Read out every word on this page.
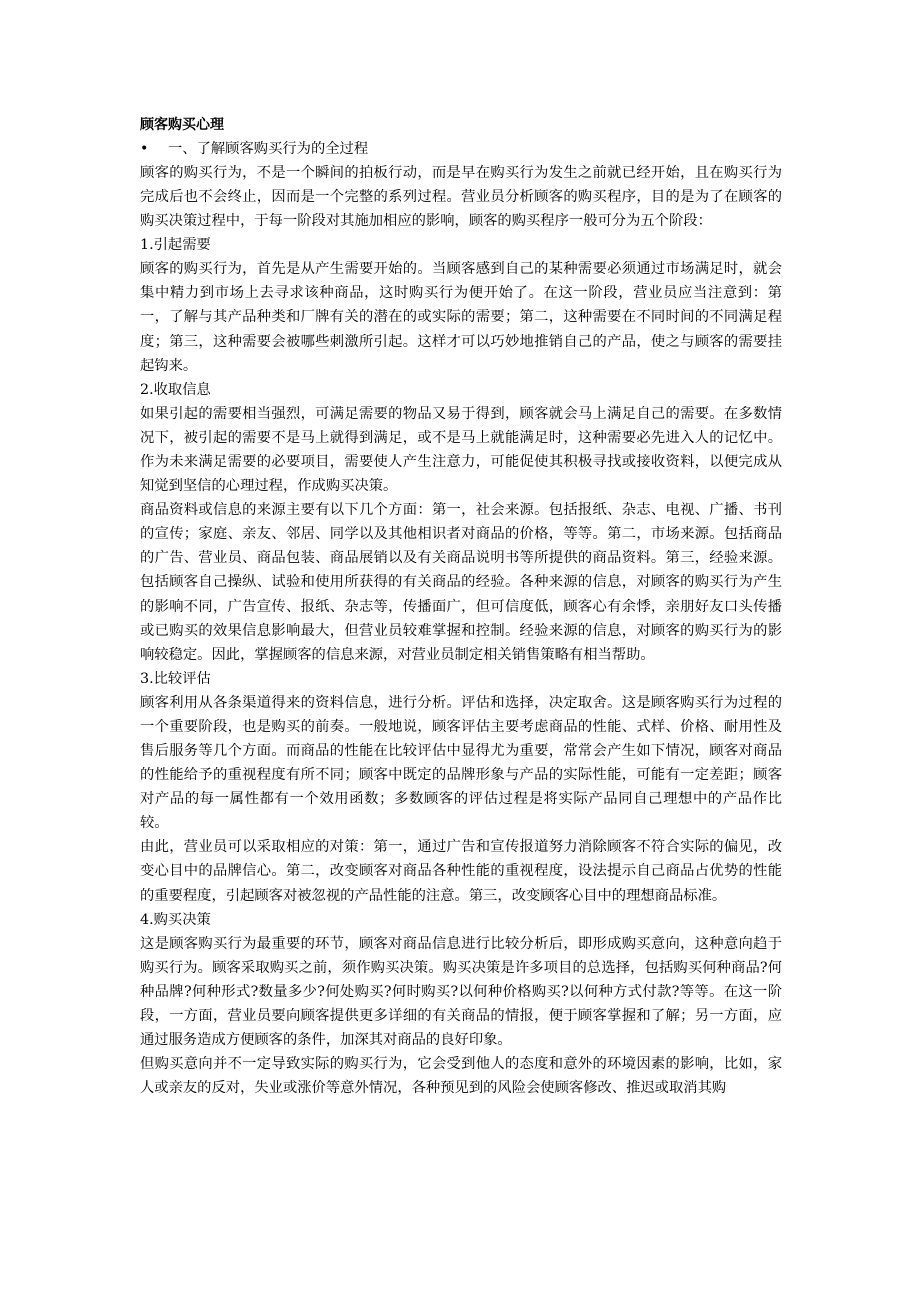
顾客购买心理
• 一、了解顾客购买行为的全过程

顾客的购买行为，不是一个瞬间的拍板行动，而是早在购买行为发生之前就已经开始，且在购买行为完成后也不会终止，因而是一个完整的系列过程。营业员分析顾客的购买程序，目的是为了在顾客的购买决策过程中，于每一阶段对其施加相应的影响，顾客的购买程序一般可分为五个阶段：

1.引起需要

顾客的购买行为，首先是从产生需要开始的。当顾客感到自己的某种需要必须通过市场满足时，就会集中精力到市场上去寻求该种商品，这时购买行为便开始了。在这一阶段，营业员应当注意到：第一，了解与其产品种类和厂牌有关的潜在的或实际的需要；第二，这种需要在不同时间的不同满足程度；第三，这种需要会被哪些刺激所引起。这样才可以巧妙地推销自己的产品，使之与顾客的需要挂起钩来。

2.收取信息

如果引起的需要相当强烈，可满足需要的物品又易于得到，顾客就会马上满足自己的需要。在多数情况下，被引起的需要不是马上就得到满足，或不是马上就能满足时，这种需要必先进入人的记忆中。作为未来满足需要的必要项目，需要使人产生注意力，可能促使其积极寻找或接收资料，以便完成从知觉到坚信的心理过程，作成购买决策。

商品资料或信息的来源主要有以下几个方面：第一，社会来源。包括报纸、杂志、电视、广播、书刊的宣传；家庭、亲友、邻居、同学以及其他相识者对商品的价格，等等。第二，市场来源。包括商品的广告、营业员、商品包装、商品展销以及有关商品说明书等所提供的商品资料。第三，经验来源。包括顾客自己操纵、试验和使用所获得的有关商品的经验。各种来源的信息，对顾客的购买行为产生的影响不同，广告宣传、报纸、杂志等，传播面广，但可信度低，顾客心有余悸，亲朋好友口头传播或已购买的效果信息影响最大，但营业员较难掌握和控制。经验来源的信息，对顾客的购买行为的影响较稳定。因此，掌握顾客的信息来源，对营业员制定相关销售策略有相当帮助。

3.比较评估

顾客利用从各条渠道得来的资料信息，进行分析。评估和选择，决定取舍。这是顾客购买行为过程的一个重要阶段，也是购买的前奏。一般地说，顾客评估主要考虑商品的性能、式样、价格、耐用性及售后服务等几个方面。而商品的性能在比较评估中显得尤为重要，常常会产生如下情况，顾客对商品的性能给予的重视程度有所不同；顾客中既定的品牌形象与产品的实际性能，可能有一定差距；顾客对产品的每一属性都有一个效用函数；多数顾客的评估过程是将实际产品同自己理想中的产品作比较。

由此，营业员可以采取相应的对策：第一，通过广告和宣传报道努力消除顾客不符合实际的偏见，改变心目中的品牌信心。第二，改变顾客对商品各种性能的重视程度，设法提示自己商品占优势的性能的重要程度，引起顾客对被忽视的产品性能的注意。第三，改变顾客心目中的理想商品标准。

4.购买决策

这是顾客购买行为最重要的环节，顾客对商品信息进行比较分析后，即形成购买意向，这种意向趋于购买行为。顾客采取购买之前，须作购买决策。购买决策是许多项目的总选择，包括购买何种商品?何种品牌?何种形式?数量多少?何处购买?何时购买?以何种价格购买?以何种方式付款?等等。在这一阶段，一方面，营业员要向顾客提供更多详细的有关商品的情报，便于顾客掌握和了解；另一方面，应通过服务造成方便顾客的条件，加深其对商品的良好印象。

但购买意向并不一定导致实际的购买行为，它会受到他人的态度和意外的环境因素的影响，比如，家人或亲友的反对，失业或涨价等意外情况，各种预见到的风险会使顾客修改、推迟或取消其购
